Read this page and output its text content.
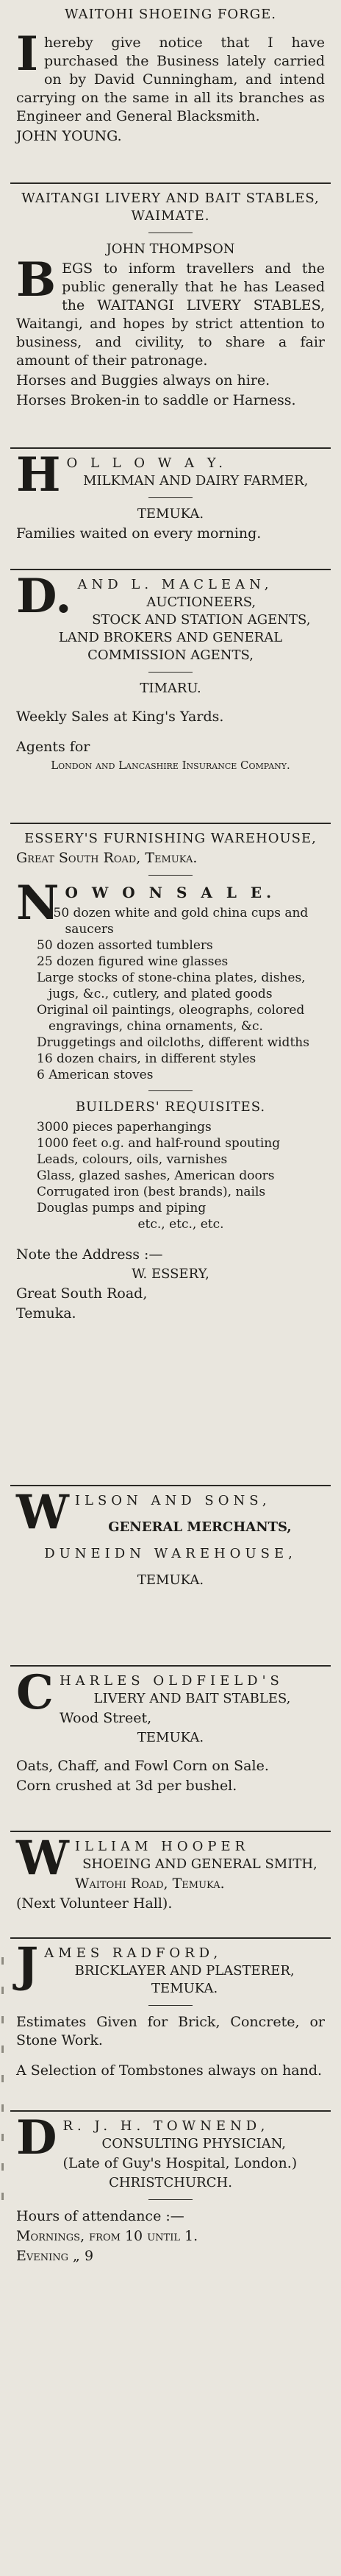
WAITOHI SHOEING FORGE.
Ihereby give notice that I have purchased the Business lately carried on by David Cunningham, and intend carrying on the same in all its branches as Engineer and General Blacksmith.
JOHN YOUNG.
WAITANGI LIVERY AND BAIT STABLES, WAIMATE.
JOHN THOMPSON
BEGS to inform travellers and the public generally that he has Leased the WAITANGI LIVERY STABLES, Waitangi, and hopes by strict attention to business, and civility, to share a fair amount of their patronage.
Horses and Buggies always on hire.
Horses Broken-in to saddle or Harness.
H O L L O W A Y.
MILKMAN AND DAIRY FARMER,
TEMUKA.
Families waited on every morning.
D. AND L. MACLEAN,
AUCTIONEERS,
STOCK AND STATION AGENTS,
LAND BROKERS AND GENERAL
COMMISSION AGENTS,
TIMARU.
Weekly Sales at King's Yards.
Agents for
London and Lancashire Insurance Company.
ESSERY'S FURNISHING WAREHOUSE,
Great South Road, Temuka.
N O W O N S A L E.
50 dozen white and gold china cups and saucers
50 dozen assorted tumblers
25 dozen figured wine glasses
Large stocks of stone-china plates, dishes, jugs, &c., cutlery, and plated goods
Original oil paintings, oleographs, colored engravings, china ornaments, &c.
Druggetings and oilcloths, different widths
16 dozen chairs, in different styles
6 American stoves
BUILDERS' REQUISITES.
3000 pieces paperhangings
1000 feet o.g. and half-round spouting
Leads, colours, oils, varnishes
Glass, glazed sashes, American doors
Corrugated iron (best brands), nails
Douglas pumps and piping
etc., etc., etc.
Note the Address :—
W. ESSERY,
Great South Road,
Temuka.
WILSON AND SONS,
GENERAL MERCHANTS,
DUNEIDN WAREHOUSE,
TEMUKA.
CHARLES OLDFIELD'S
LIVERY AND BAIT STABLES,
Wood Street,
TEMUKA.
Oats, Chaff, and Fowl Corn on Sale.
Corn crushed at 3d per bushel.
WILLIAM HOOPER
SHOEING AND GENERAL SMITH,
Waitohi Road, Temuka.
(Next Volunteer Hall).
JAMES RADFORD,
BRICKLAYER AND PLASTERER,
TEMUKA.
Estimates Given for Brick, Concrete, or Stone Work.
A Selection of Tombstones always on hand.
D R. J. H. TOWNEND,
CONSULTING PHYSICIAN,
(Late of Guy's Hospital, London.)
CHRISTCHURCH.
Hours of attendance :—
Mornings, from 10 until 1.
Evening „ 9
